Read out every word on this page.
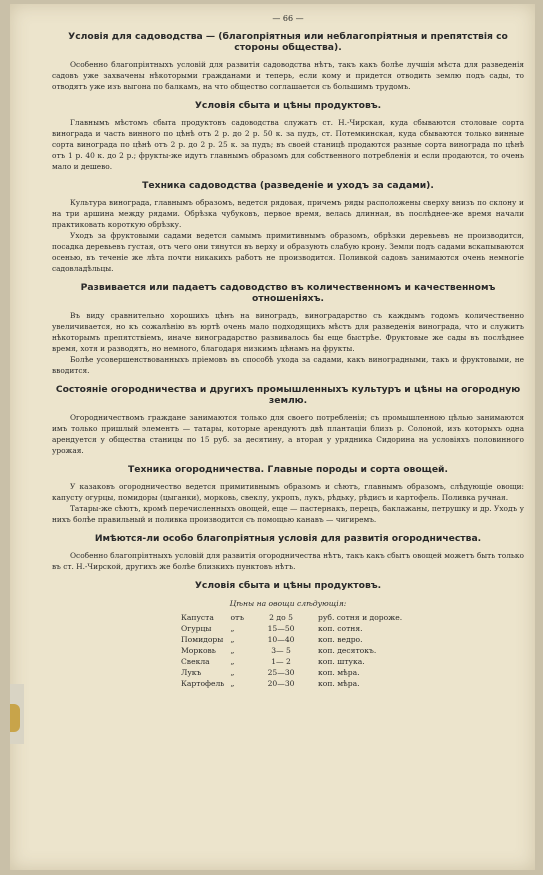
— 66 —
Условія для садоводства — (благопріятныя или неблагопріятныя и препятствія со стороны общества).

Особенно благопріятныхъ условій для развитія садоводства нѣтъ, такъ какъ болѣе лучшія мѣста для разведенія садовъ уже захвачены нѣкоторыми гражданами и теперь, если кому и придется отводить землю подъ сады, то отводятъ уже изъ выгона по балкамъ, на что общество соглашается съ большимъ трудомъ.

Условія сбыта и цѣны продуктовъ.

Главнымъ мѣстомъ сбыта продуктовъ садоводства служатъ ст. Н.-Чирская, куда сбываются столовые сорта винограда и часть винного по цѣнѣ отъ 2 р. до 2 р. 50 к. за пудъ, ст. Потемкинская, куда сбываются только винные сорта винограда по цѣнѣ отъ 2 р. до 2 р. 25 к. за пудъ; въ своей станицѣ продаются разные сорта винограда по цѣнѣ отъ 1 р. 40 к. до 2 р.; фрукты-же идутъ главнымъ образомъ для собственного потребленія и если продаются, то очень мало и дешево.

Техника садоводства (разведеніе и уходъ за садами).

Культура винограда, главнымъ образомъ, ведется рядовая, причемъ ряды расположены сверху внизъ по склону и на три аршина между рядами. Обрѣзка чубуковъ, первое время, велась длинная, въ послѣднее-же время начали практиковать короткую обрѣзку.

Уходъ за фруктовыми садами ведется самымъ примитивнымъ образомъ, обрѣзки деревьевъ не производится, посадка деревьевъ густая, отъ чего они тянутся въ верху и образують слабую крону. Земли подъ садами вскапываются осенью, въ теченіе же лѣта почти никакихъ работъ не производится. Поливкой садовъ занимаются очень немногіе садовладѣльцы.

Развивается или падаетъ садоводство въ количественномъ и качественномъ отношеніяхъ.

Въ виду сравнительно хорошихъ цѣнъ на виноградъ, виноградарство съ каждымъ годомъ количественно увеличивается, но къ сожалѣнію въ юртѣ очень мало подходящихъ мѣстъ для разведенія винограда, что и служитъ нѣкоторымъ препятствіемъ, иначе виноградарство развивалось бы еще быстрѣе. Фруктовые же сады въ послѣднее время, хотя и разводятъ, но немного, благодаря низкимъ цѣнамъ на фрукты.

Болѣе усовершенствованныхъ пріемовъ въ способѣ ухода за садами, какъ виноградными, такъ и фруктовыми, не вводится.

Состояніе огородничества и другихъ промышленныхъ культуръ и цѣны на огородную землю.

Огородничествомъ граждане занимаются только для своего потребленія; съ промышленною цѣлью занимаются имъ только пришлый элементъ — татары, которые арендуютъ двѣ плантаціи близъ р. Солоной, изъ которыхъ одна арендуется у общества станицы по 15 руб. за десятину, а вторая у урядника Сидорина на условіяхъ половинного урожая.

Техника огородничества. Главные породы и сорта овощей.

У казаковъ огородничество ведется примитивнымъ образомъ и сѣютъ, главнымъ образомъ, слѣдующіе овощи: капусту огурцы, помидоры (цыганки), морковь, свеклу, укропъ, лукъ, рѣдьку, рѣдисъ и картофель. Поливка ручная.

Татары-же сѣютъ, кромѣ перечисленныхъ овощей, еще — пастернакъ, перецъ, баклажаны, петрушку и др. Уходъ у нихъ болѣе правильный и поливка производится съ помощью канавъ — чигиремъ.

Имѣются-ли особо благопріятныя условія для развитія огородничества.

Особенно благопріятныхъ условій для развитія огородничества нѣтъ, такъ какъ сбытъ овощей можетъ быть только въ ст. Н.-Чирской, другихъ же болѣе близкихъ пунктовъ нѣтъ.

Условія сбыта и цѣны продуктовъ.
Цѣны на овощи слѣдующія:
Капуста	отъ	2 до 5	руб. сотня и дороже.
Огурцы	„	15—50	коп. сотня.
Помидоры	„	10—40	коп. ведро.
Морковь	„	3— 5	коп. десятокъ.
Свекла	„	1— 2	коп. штука.
Лукъ	„	25—30	коп. мѣра.
Картофель	„	20—30	коп. мѣра.
